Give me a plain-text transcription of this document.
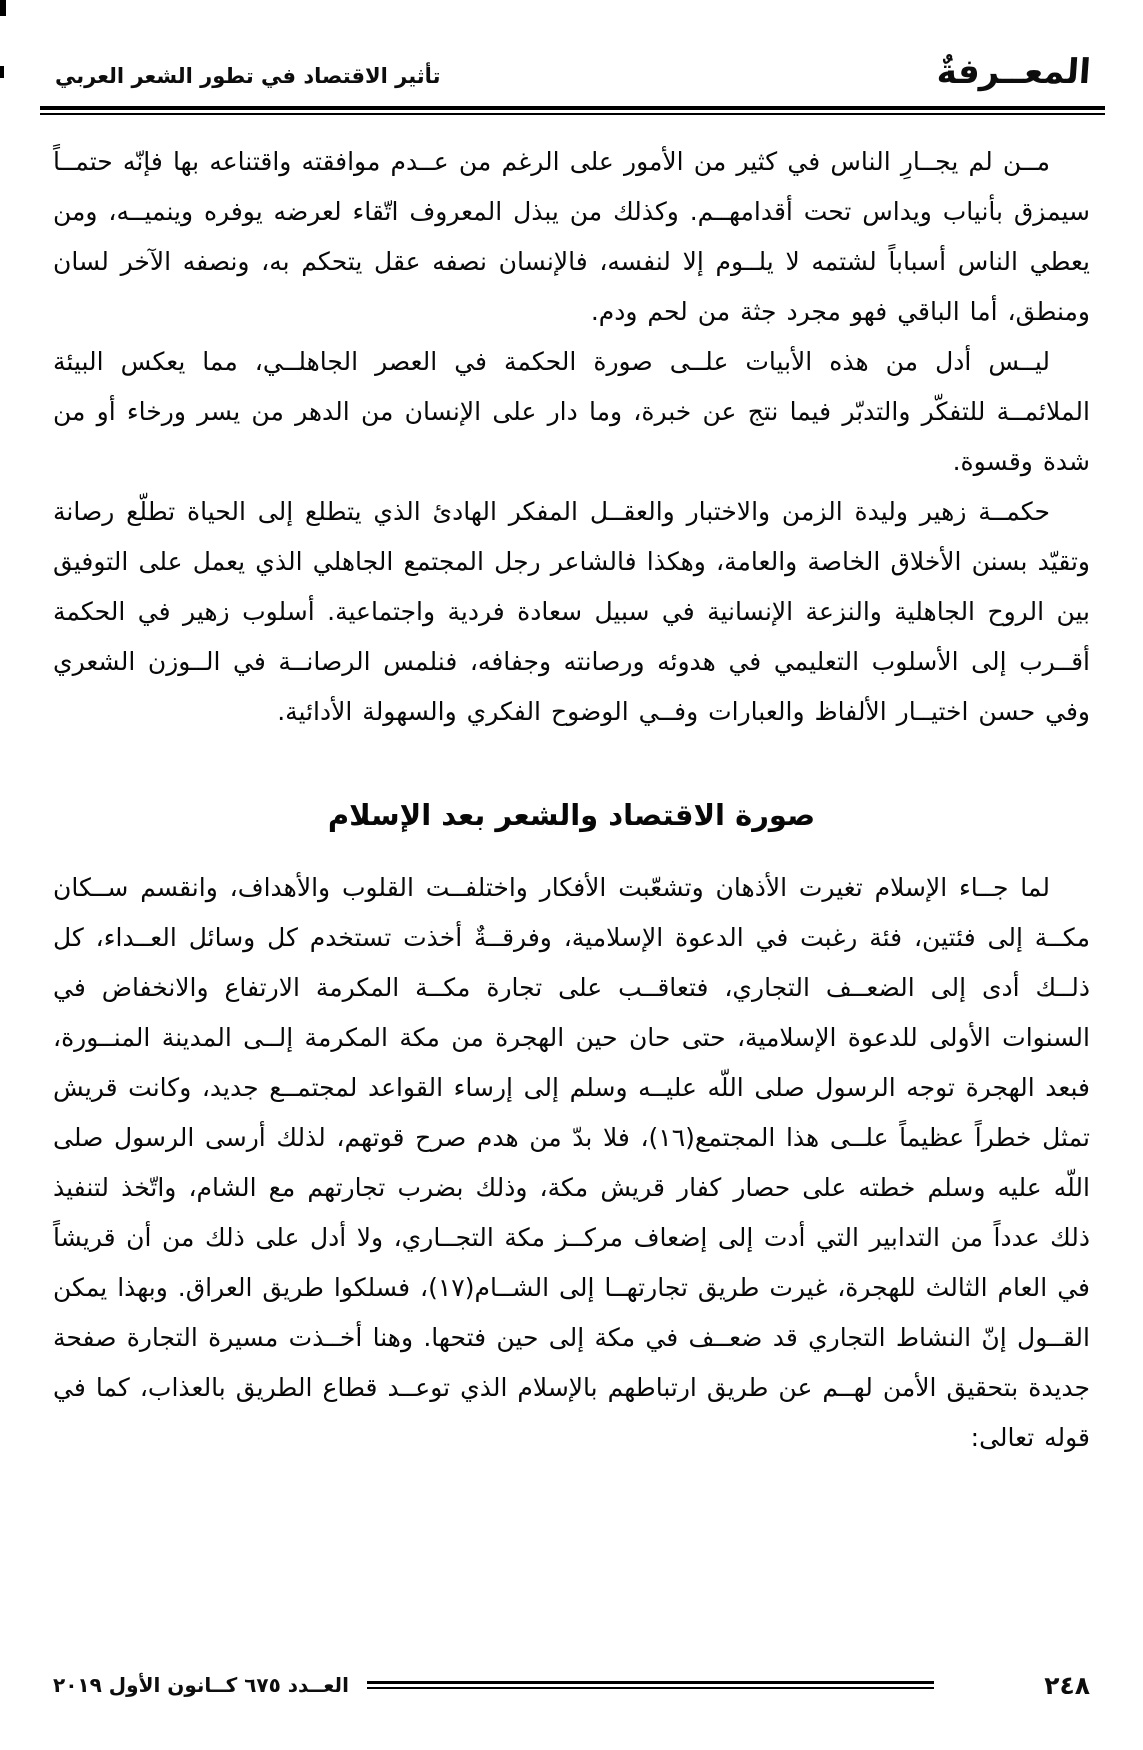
تأثير الاقتصاد في تطور الشعر العربي	المعــرفةٌ

مــن لم يجــارِ الناس في كثير من الأمور على الرغم من عــدم موافقته واقتناعه بها فإنّه حتمــاً سيمزق بأنياب ويداس تحت أقدامهــم. وكذلك من يبذل المعروف اتّقاء لعرضه يوفره وينميــه، ومن يعطي الناس أسباباً لشتمه لا يلــوم إلا لنفسه، فالإنسان نصفه عقل يتحكم به، ونصفه الآخر لسان ومنطق، أما الباقي فهو مجرد جثة من لحم ودم.

ليــس أدل من هذه الأبيات علــى صورة الحكمة في العصر الجاهلــي، مما يعكس البيئة الملائمــة للتفكّر والتدبّر فيما نتج عن خبرة، وما دار على الإنسان من الدهر من يسر ورخاء أو من شدة وقسوة.

حكمــة زهير وليدة الزمن والاختبار والعقــل المفكر الهادئ الذي يتطلع إلى الحياة تطلّع رصانة وتقيّد بسنن الأخلاق الخاصة والعامة، وهكذا فالشاعر رجل المجتمع الجاهلي الذي يعمل على التوفيق بين الروح الجاهلية والنزعة الإنسانية في سبيل سعادة فردية واجتماعية. أسلوب زهير في الحكمة أقــرب إلى الأسلوب التعليمي في هدوئه ورصانته وجفافه، فنلمس الرصانــة في الــوزن الشعري وفي حسن اختيــار الألفاظ والعبارات وفــي الوضوح الفكري والسهولة الأدائية.

صورة الاقتصاد والشعر بعد الإسلام

لما جــاء الإسلام تغيرت الأذهان وتشعّبت الأفكار واختلفــت القلوب والأهداف، وانقسم ســكان مكــة إلى فئتين، فئة رغبت في الدعوة الإسلامية، وفرقــةٌ أخذت تستخدم كل وسائل العــداء، كل ذلــك أدى إلى الضعــف التجاري، فتعاقــب على تجارة مكــة المكرمة الارتفاع والانخفاض في السنوات الأولى للدعوة الإسلامية، حتى حان حين الهجرة من مكة المكرمة إلــى المدينة المنــورة، فبعد الهجرة توجه الرسول صلى اللّه عليــه وسلم إلى إرساء القواعد لمجتمــع جديد، وكانت قريش تمثل خطراً عظيماً علــى هذا المجتمع(١٦)، فلا بدّ من هدم صرح قوتهم، لذلك أرسى الرسول صلى اللّه عليه وسلم خطته على حصار كفار قريش مكة، وذلك بضرب تجارتهم مع الشام، واتّخذ لتنفيذ ذلك عدداً من التدابير التي أدت إلى إضعاف مركــز مكة التجــاري، ولا أدل على ذلك من أن قريشاً في العام الثالث للهجرة، غيرت طريق تجارتهــا إلى الشــام(١٧)، فسلكوا طريق العراق. وبهذا يمكن القــول إنّ النشاط التجاري قد ضعــف في مكة إلى حين فتحها. وهنا أخــذت مسيرة التجارة صفحة جديدة بتحقيق الأمن لهــم عن طريق ارتباطهم بالإسلام الذي توعــد قطاع الطريق بالعذاب، كما في قوله تعالى:

العــدد ٦٧٥ كــانون الأول ٢٠١٩	٢٤٨
